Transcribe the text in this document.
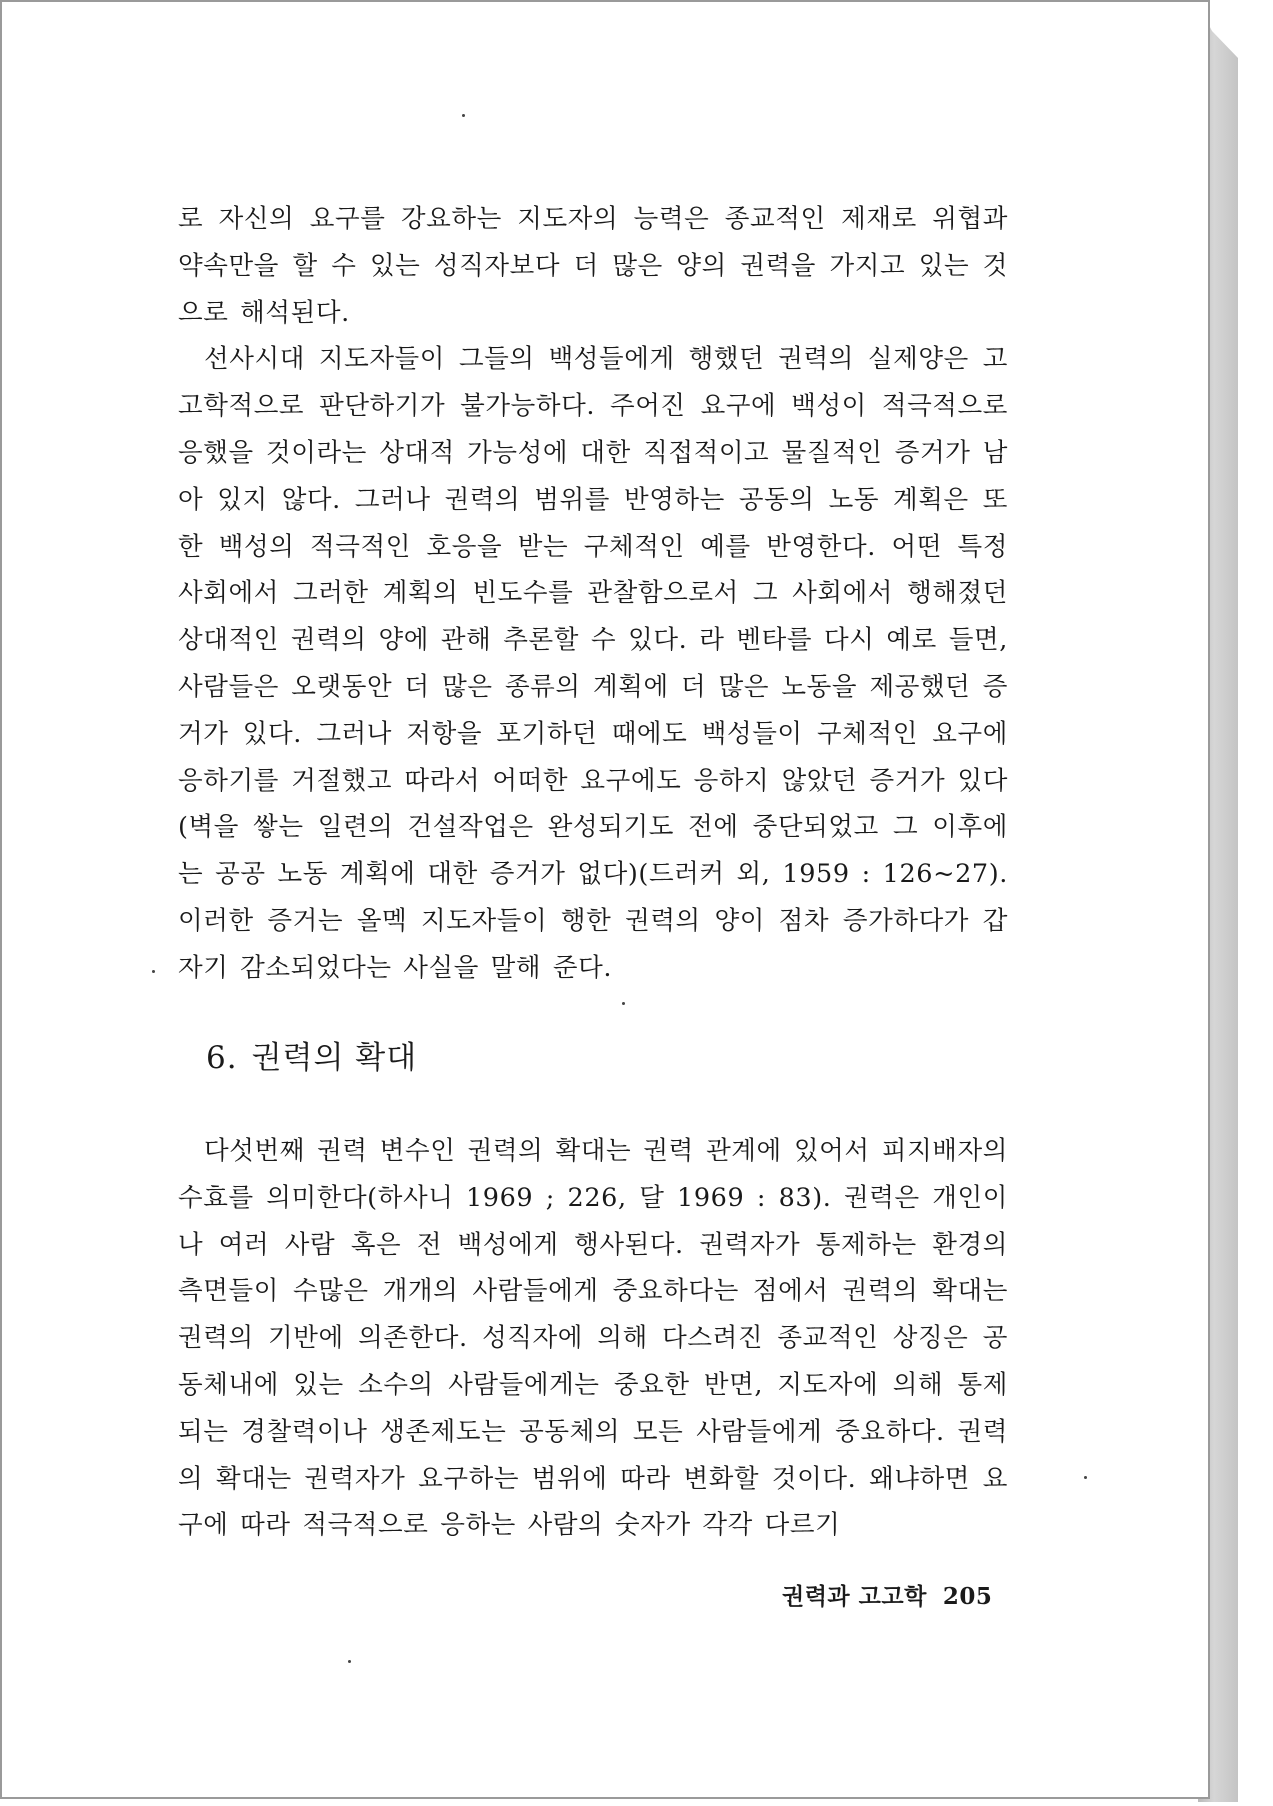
로 자신의 요구를 강요하는 지도자의 능력은 종교적인 제재로 위협과 약속만을 할 수 있는 성직자보다 더 많은 양의 권력을 가지고 있는 것으로 해석된다.

선사시대 지도자들이 그들의 백성들에게 행했던 권력의 실제양은 고고학적으로 판단하기가 불가능하다. 주어진 요구에 백성이 적극적으로 응했을 것이라는 상대적 가능성에 대한 직접적이고 물질적인 증거가 남아 있지 않다. 그러나 권력의 범위를 반영하는 공동의 노동 계획은 또한 백성의 적극적인 호응을 받는 구체적인 예를 반영한다. 어떤 특정 사회에서 그러한 계획의 빈도수를 관찰함으로서 그 사회에서 행해졌던 상대적인 권력의 양에 관해 추론할 수 있다. 라 벤타를 다시 예로 들면, 사람들은 오랫동안 더 많은 종류의 계획에 더 많은 노동을 제공했던 증거가 있다. 그러나 저항을 포기하던 때에도 백성들이 구체적인 요구에 응하기를 거절했고 따라서 어떠한 요구에도 응하지 않았던 증거가 있다(벽을 쌓는 일련의 건설작업은 완성되기도 전에 중단되었고 그 이후에는 공공 노동 계획에 대한 증거가 없다)(드러커 외, 1959 : 126~27). 이러한 증거는 올멕 지도자들이 행한 권력의 양이 점차 증가하다가 갑자기 감소되었다는 사실을 말해 준다.

6. 권력의 확대

다섯번째 권력 변수인 권력의 확대는 권력 관계에 있어서 피지배자의 수효를 의미한다(하사니 1969 ; 226, 달 1969 : 83). 권력은 개인이나 여러 사람 혹은 전 백성에게 행사된다. 권력자가 통제하는 환경의 측면들이 수많은 개개의 사람들에게 중요하다는 점에서 권력의 확대는 권력의 기반에 의존한다. 성직자에 의해 다스려진 종교적인 상징은 공동체내에 있는 소수의 사람들에게는 중요한 반면, 지도자에 의해 통제되는 경찰력이나 생존제도는 공동체의 모든 사람들에게 중요하다. 권력의 확대는 권력자가 요구하는 범위에 따라 변화할 것이다. 왜냐하면 요구에 따라 적극적으로 응하는 사람의 숫자가 각각 다르기

권력과 고고학 205
